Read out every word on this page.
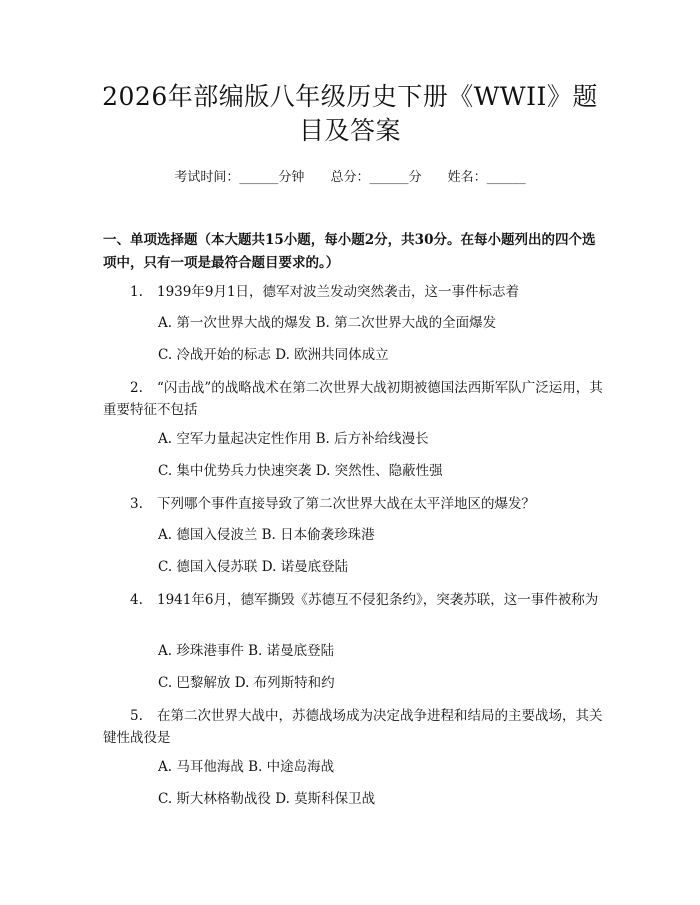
2026年部编版八年级历史下册《WWII》题目及答案
考试时间：______分钟 总分：______分 姓名：______
一、单项选择题（本大题共15小题，每小题2分，共30分。在每小题列出的四个选项中，只有一项是最符合题目要求的。）
1. 1939年9月1日，德军对波兰发动突然袭击，这一事件标志着
A. 第一次世界大战的爆发 B. 第二次世界大战的全面爆发
C. 冷战开始的标志 D. 欧洲共同体成立
2. “闪击战”的战略战术在第二次世界大战初期被德国法西斯军队广泛运用，其重要特征不包括
A. 空军力量起决定性作用 B. 后方补给线漫长
C. 集中优势兵力快速突袭 D. 突然性、隐蔽性强
3. 下列哪个事件直接导致了第二次世界大战在太平洋地区的爆发？
A. 德国入侵波兰 B. 日本偷袭珍珠港
C. 德国入侵苏联 D. 诺曼底登陆
4. 1941年6月，德军撕毁《苏德互不侵犯条约》，突袭苏联，这一事件被称为
A. 珍珠港事件 B. 诺曼底登陆
C. 巴黎解放 D. 布列斯特和约
5. 在第二次世界大战中，苏德战场成为决定战争进程和结局的主要战场，其关键性战役是
A. 马耳他海战 B. 中途岛海战
C. 斯大林格勒战役 D. 莫斯科保卫战
